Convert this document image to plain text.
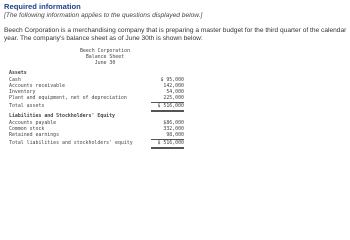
Required information
[The following information applies to the questions displayed below.]
Beech Corporation is a merchandising company that is preparing a master budget for the third quarter of the calendar year. The company's balance sheet as of June 30th is shown below:
Beech Corporation
Balance Sheet
June 30
Assets
Cash	$ 95,000
Accounts receivable	142,000
Inventory	54,000
Plant and equipment, net of depreciation	225,000
Total assets	$ 516,000
Liabilities and Stockholders' Equity
Accounts payable	$86,000
Common stock	332,000
Retained earnings	98,000
Total liabilities and stockholders' equity	$ 516,000
